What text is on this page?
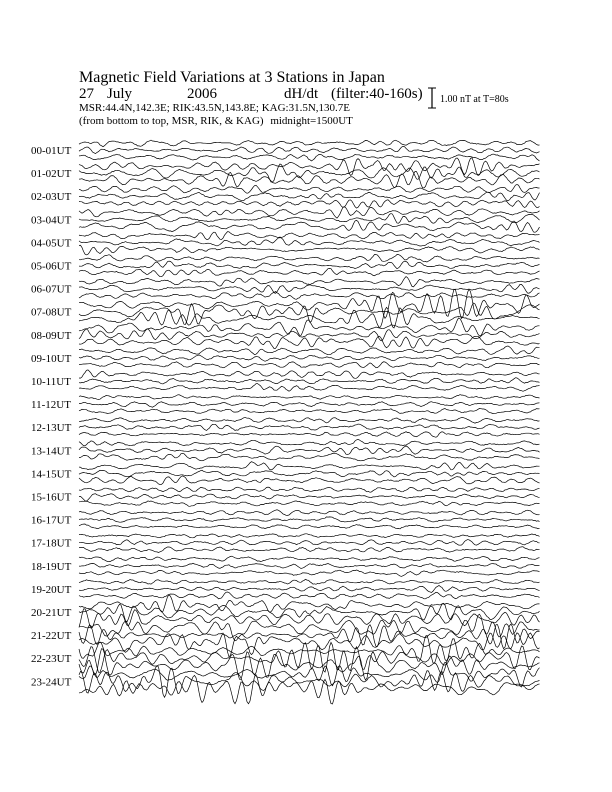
Magnetic Field Variations at 3 Stations in Japan
27 July	2006	dH/dt (filter:40-160s)
MSR:44.4N,142.3E; RIK:43.5N,143.8E; KAG:31.5N,130.7E
(from bottom to top, MSR, RIK, & KAG) midnight=1500UT
1.00 nT at T=80s
00-01UT
01-02UT
02-03UT
03-04UT
04-05UT
05-06UT
06-07UT
07-08UT
08-09UT
09-10UT
10-11UT
11-12UT
12-13UT
13-14UT
14-15UT
15-16UT
16-17UT
17-18UT
18-19UT
19-20UT
20-21UT
21-22UT
22-23UT
23-24UT
